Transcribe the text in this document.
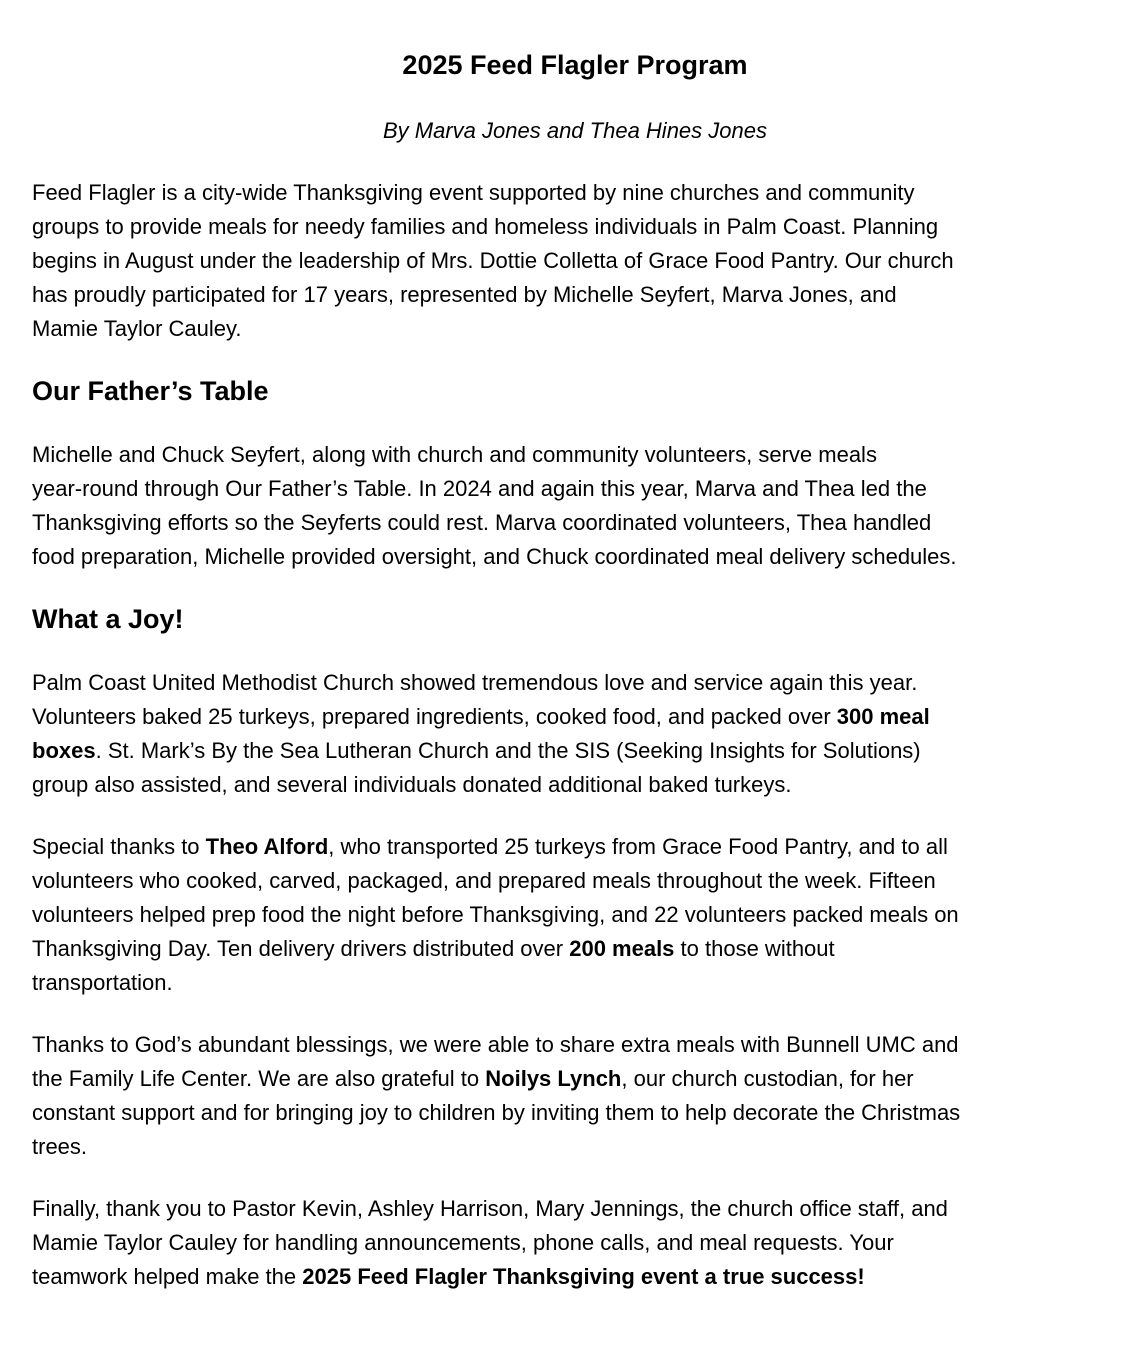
2025 Feed Flagler Program
By Marva Jones and Thea Hines Jones

Feed Flagler is a city-wide Thanksgiving event supported by nine churches and community
groups to provide meals for needy families and homeless individuals in Palm Coast. Planning
begins in August under the leadership of Mrs. Dottie Colletta of Grace Food Pantry. Our church
has proudly participated for 17 years, represented by Michelle Seyfert, Marva Jones, and
Mamie Taylor Cauley.

Our Father’s Table

Michelle and Chuck Seyfert, along with church and community volunteers, serve meals
year-round through Our Father’s Table. In 2024 and again this year, Marva and Thea led the
Thanksgiving efforts so the Seyferts could rest. Marva coordinated volunteers, Thea handled
food preparation, Michelle provided oversight, and Chuck coordinated meal delivery schedules.

What a Joy!

Palm Coast United Methodist Church showed tremendous love and service again this year.
Volunteers baked 25 turkeys, prepared ingredients, cooked food, and packed over 300 meal
boxes. St. Mark’s By the Sea Lutheran Church and the SIS (Seeking Insights for Solutions)
group also assisted, and several individuals donated additional baked turkeys.

Special thanks to Theo Alford, who transported 25 turkeys from Grace Food Pantry, and to all
volunteers who cooked, carved, packaged, and prepared meals throughout the week. Fifteen
volunteers helped prep food the night before Thanksgiving, and 22 volunteers packed meals on
Thanksgiving Day. Ten delivery drivers distributed over 200 meals to those without
transportation.

Thanks to God’s abundant blessings, we were able to share extra meals with Bunnell UMC and
the Family Life Center. We are also grateful to Noilys Lynch, our church custodian, for her
constant support and for bringing joy to children by inviting them to help decorate the Christmas
trees.

Finally, thank you to Pastor Kevin, Ashley Harrison, Mary Jennings, the church office staff, and
Mamie Taylor Cauley for handling announcements, phone calls, and meal requests. Your
teamwork helped make the 2025 Feed Flagler Thanksgiving event a true success!
